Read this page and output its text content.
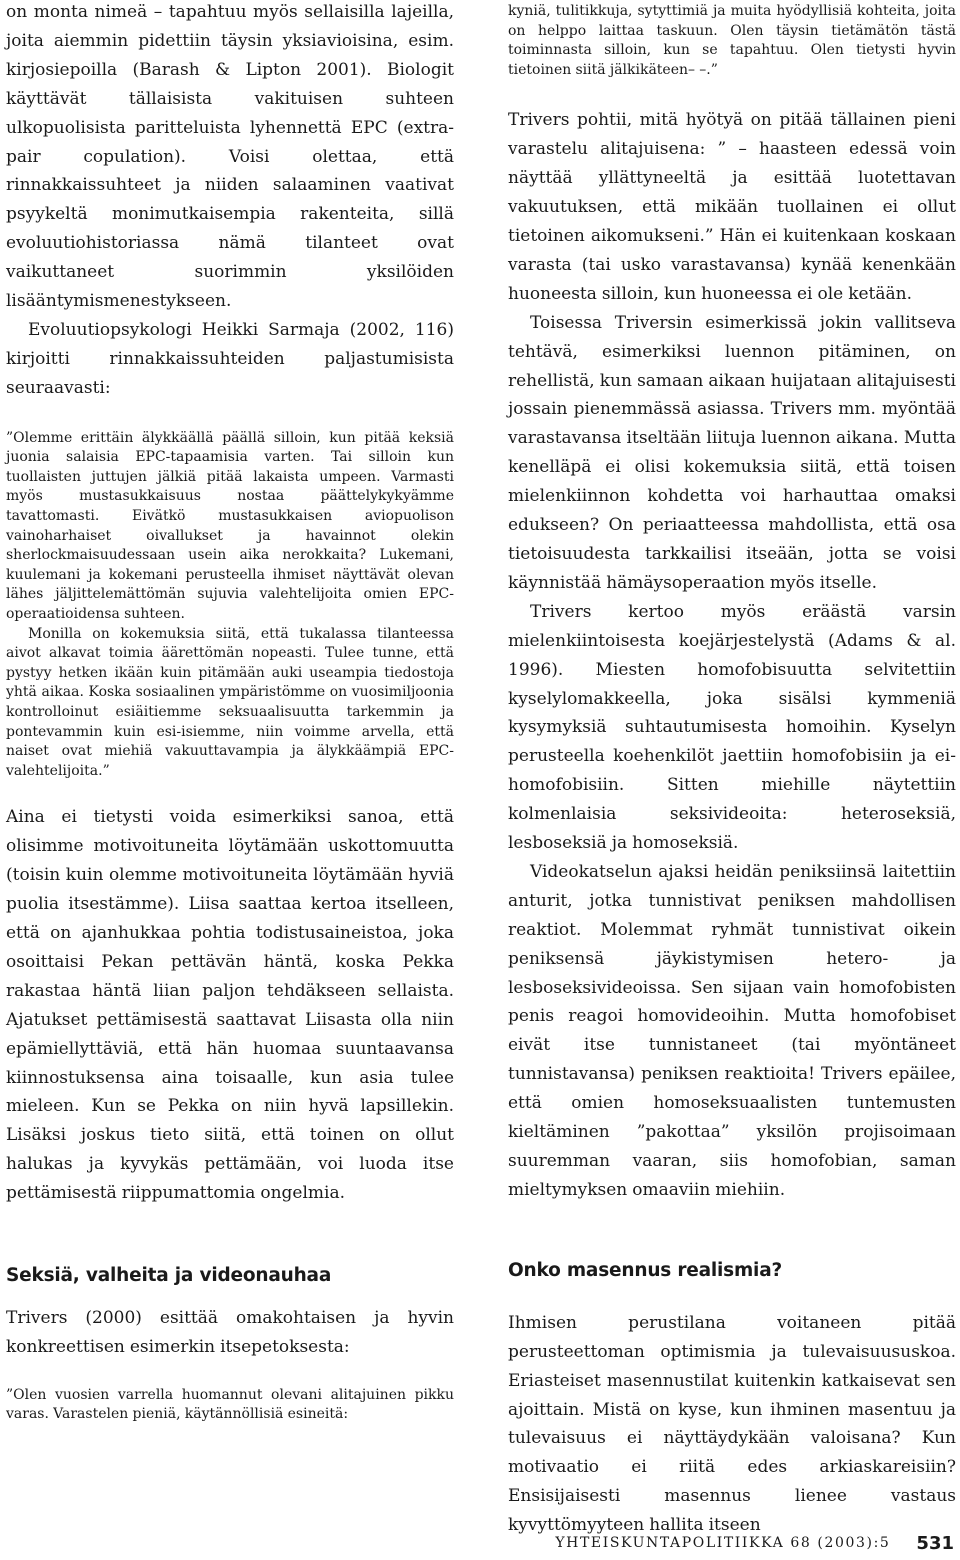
on monta nimeä – tapahtuu myös sellaisilla lajeilla, joita aiemmin pidettiin täysin yksiavioisina, esim. kirjosiepoilla (Barash & Lipton 2001). Biologit käyttävät tällaisista vakituisen suhteen ulkopuolisista paritteluista lyhennettä EPC (extra-pair copulation). Voisi olettaa, että rinnakkaissuhteet ja niiden salaaminen vaativat psyykeltä monimutkaisempia rakenteita, sillä evoluutiohistoriassa nämä tilanteet ovat vaikuttaneet suorimmin yksilöiden lisääntymismenestykseen.

Evoluutiopsykologi Heikki Sarmaja (2002, 116) kirjoitti rinnakkaissuhteiden paljastumisista seuraavasti:

”Olemme erittäin älykkäällä päällä silloin, kun pitää keksiä juonia salaisia EPC-tapaamisia varten. Tai silloin kun tuollaisten juttujen jälkiä pitää lakaista umpeen. Varmasti myös mustasukkaisuus nostaa päättelykykyämme tavattomasti. Eivätkö mustasukkaisen aviopuolison vainoharhaiset oivallukset ja havainnot olekin sherlockmaisuudessaan usein aika nerokkaita? Lukemani, kuulemani ja kokemani perusteella ihmiset näyttävät olevan lähes jäljittelemättömän sujuvia valehtelijoita omien EPC-operaatioidensa suhteen.

Monilla on kokemuksia siitä, että tukalassa tilanteessa aivot alkavat toimia äärettömän nopeasti. Tulee tunne, että pystyy hetken ikään kuin pitämään auki useampia tiedostoja yhtä aikaa. Koska sosiaalinen ympäristömme on vuosimiljoonia kontrolloinut esiäitiemme seksuaalisuutta tarkemmin ja pontevammin kuin esi-isiemme, niin voimme arvella, että naiset ovat miehiä vakuuttavampia ja älykkäämpiä EPC-valehtelijoita.”

Aina ei tietysti voida esimerkiksi sanoa, että olisimme motivoituneita löytämään uskottomuutta (toisin kuin olemme motivoituneita löytämään hyviä puolia itsestämme). Liisa saattaa kertoa itselleen, että on ajanhukkaa pohtia todistusaineistoa, joka osoittaisi Pekan pettävän häntä, koska Pekka rakastaa häntä liian paljon tehdäkseen sellaista. Ajatukset pettämisestä saattavat Liisasta olla niin epämiellyttäviä, että hän huomaa suuntaavansa kiinnostuksensa aina toisaalle, kun asia tulee mieleen. Kun se Pekka on niin hyvä lapsillekin. Lisäksi joskus tieto siitä, että toinen on ollut halukas ja kyvykäs pettämään, voi luoda itse pettämisestä riippumattomia ongelmia.

Seksiä, valheita ja videonauhaa

Trivers (2000) esittää omakohtaisen ja hyvin konkreettisen esimerkin itsepetoksesta:

”Olen vuosien varrella huomannut olevani alitajuinen pikku varas. Varastelen pieniä, käytännöllisiä esineitä:

kyniä, tulitikkuja, sytyttimiä ja muita hyödyllisiä kohteita, joita on helppo laittaa taskuun. Olen täysin tietämätön tästä toiminnasta silloin, kun se tapahtuu. Olen tietysti hyvin tietoinen siitä jälkikäteen– –.”

Trivers pohtii, mitä hyötyä on pitää tällainen pieni varastelu alitajuisena: ” – haasteen edessä voin näyttää yllättyneeltä ja esittää luotettavan vakuutuksen, että mikään tuollainen ei ollut tietoinen aikomukseni.” Hän ei kuitenkaan koskaan varasta (tai usko varastavansa) kynää kenenkään huoneesta silloin, kun huoneessa ei ole ketään.

Toisessa Triversin esimerkissä jokin vallitseva tehtävä, esimerkiksi luennon pitäminen, on rehellistä, kun samaan aikaan huijataan alitajuisesti jossain pienemmässä asiassa. Trivers mm. myöntää varastavansa itseltään liituja luennon aikana. Mutta kenelläpä ei olisi kokemuksia siitä, että toisen mielenkiinnon kohdetta voi harhauttaa omaksi edukseen? On periaatteessa mahdollista, että osa tietoisuudesta tarkkailisi itseään, jotta se voisi käynnistää hämäysoperaation myös itselle.

Trivers kertoo myös eräästä varsin mielenkiintoisesta koejärjestelystä (Adams & al. 1996). Miesten homofobisuutta selvitettiin kyselylomakkeella, joka sisälsi kymmeniä kysymyksiä suhtautumisesta homoihin. Kyselyn perusteella koehenkilöt jaettiin homofobisiin ja ei-homofobisiin. Sitten miehille näytettiin kolmenlaisia seksivideoita: heteroseksiä, lesboseksiä ja homoseksiä.

Videokatselun ajaksi heidän peniksiinsä laitettiin anturit, jotka tunnistivat peniksen mahdollisen reaktiot. Molemmat ryhmät tunnistivat oikein peniksensä jäykistymisen hetero- ja lesboseksivideoissa. Sen sijaan vain homofobisten penis reagoi homovideoihin. Mutta homofobiset eivät itse tunnistaneet (tai myöntäneet tunnistavansa) peniksen reaktioita! Trivers epäilee, että omien homoseksuaalisten tuntemusten kieltäminen ”pakottaa” yksilön projisoimaan suuremman vaaran, siis homofobian, saman mieltymyksen omaaviin miehiin.

Onko masennus realismia?

Ihmisen perustilana voitaneen pitää perusteettoman optimismia ja tulevaisuususkoa. Eriasteiset masennustilat kuitenkin katkaisevat sen ajoittain. Mistä on kyse, kun ihminen masentuu ja tulevaisuus ei näyttäydykään valoisana? Kun motivaatio ei riitä edes arkiaskareisiin? Ensisijaisesti masennus lienee vastaus kyvyttömyyteen hallita itseen

YHTEISKUNTAPOLITIIKKA 68 (2003):5 531
